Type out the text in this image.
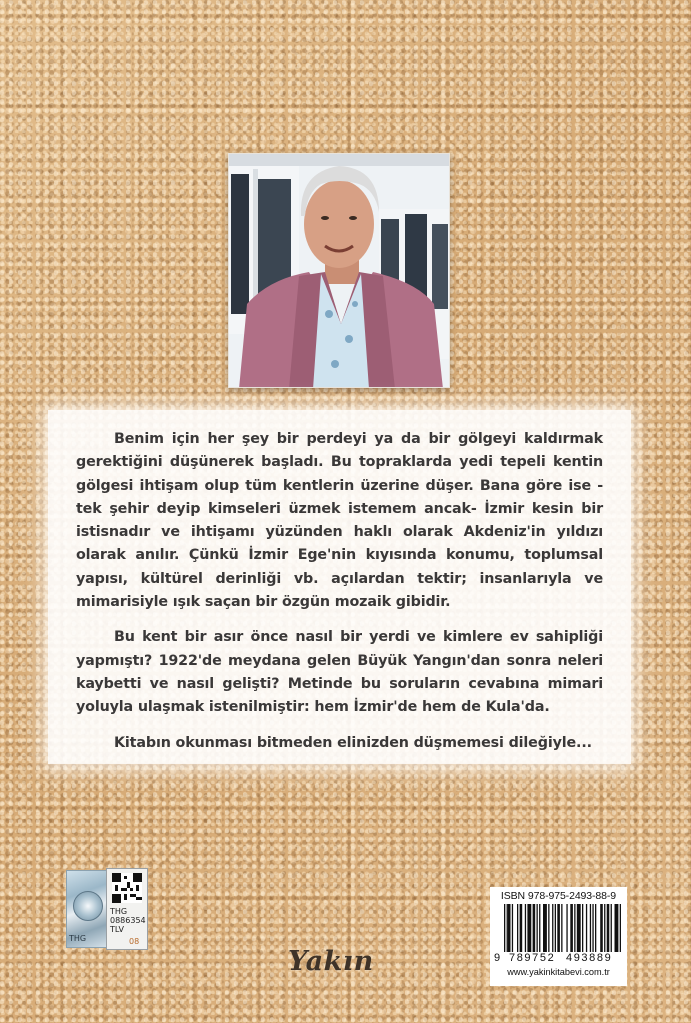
Benim için her şey bir perdeyi ya da bir gölgeyi kaldırmak gerektiğini düşünerek başladı. Bu topraklarda yedi tepeli kentin gölgesi ihtişam olup tüm kentlerin üzerine düşer. Bana göre ise -tek şehir deyip kimseleri üzmek istemem ancak- İzmir kesin bir istisnadır ve ihtişamı yüzünden haklı olarak Akdeniz'in yıldızı olarak anılır. Çünkü İzmir Ege'nin kıyısında konumu, toplumsal yapısı, kültürel derinliği vb. açılardan tektir; insanlarıyla ve mimarisiyle ışık saçan bir özgün mozaik gibidir.

Bu kent bir asır önce nasıl bir yerdi ve kimlere ev sahipliği yapmıştı? 1922'de meydana gelen Büyük Yangın'dan sonra neleri kaybetti ve nasıl gelişti? Metinde bu soruların cevabına mimari yoluyla ulaşmak istenilmiştir: hem İzmir'de hem de Kula'da.

Kitabın okunması bitmeden elinizden düşmemesi dileğiyle...

THG
THG
0886354
TLV
08
ISBN 978-975-2493-88-9
9 789752 493889
www.yakinkitabevi.com.tr
Yakın
